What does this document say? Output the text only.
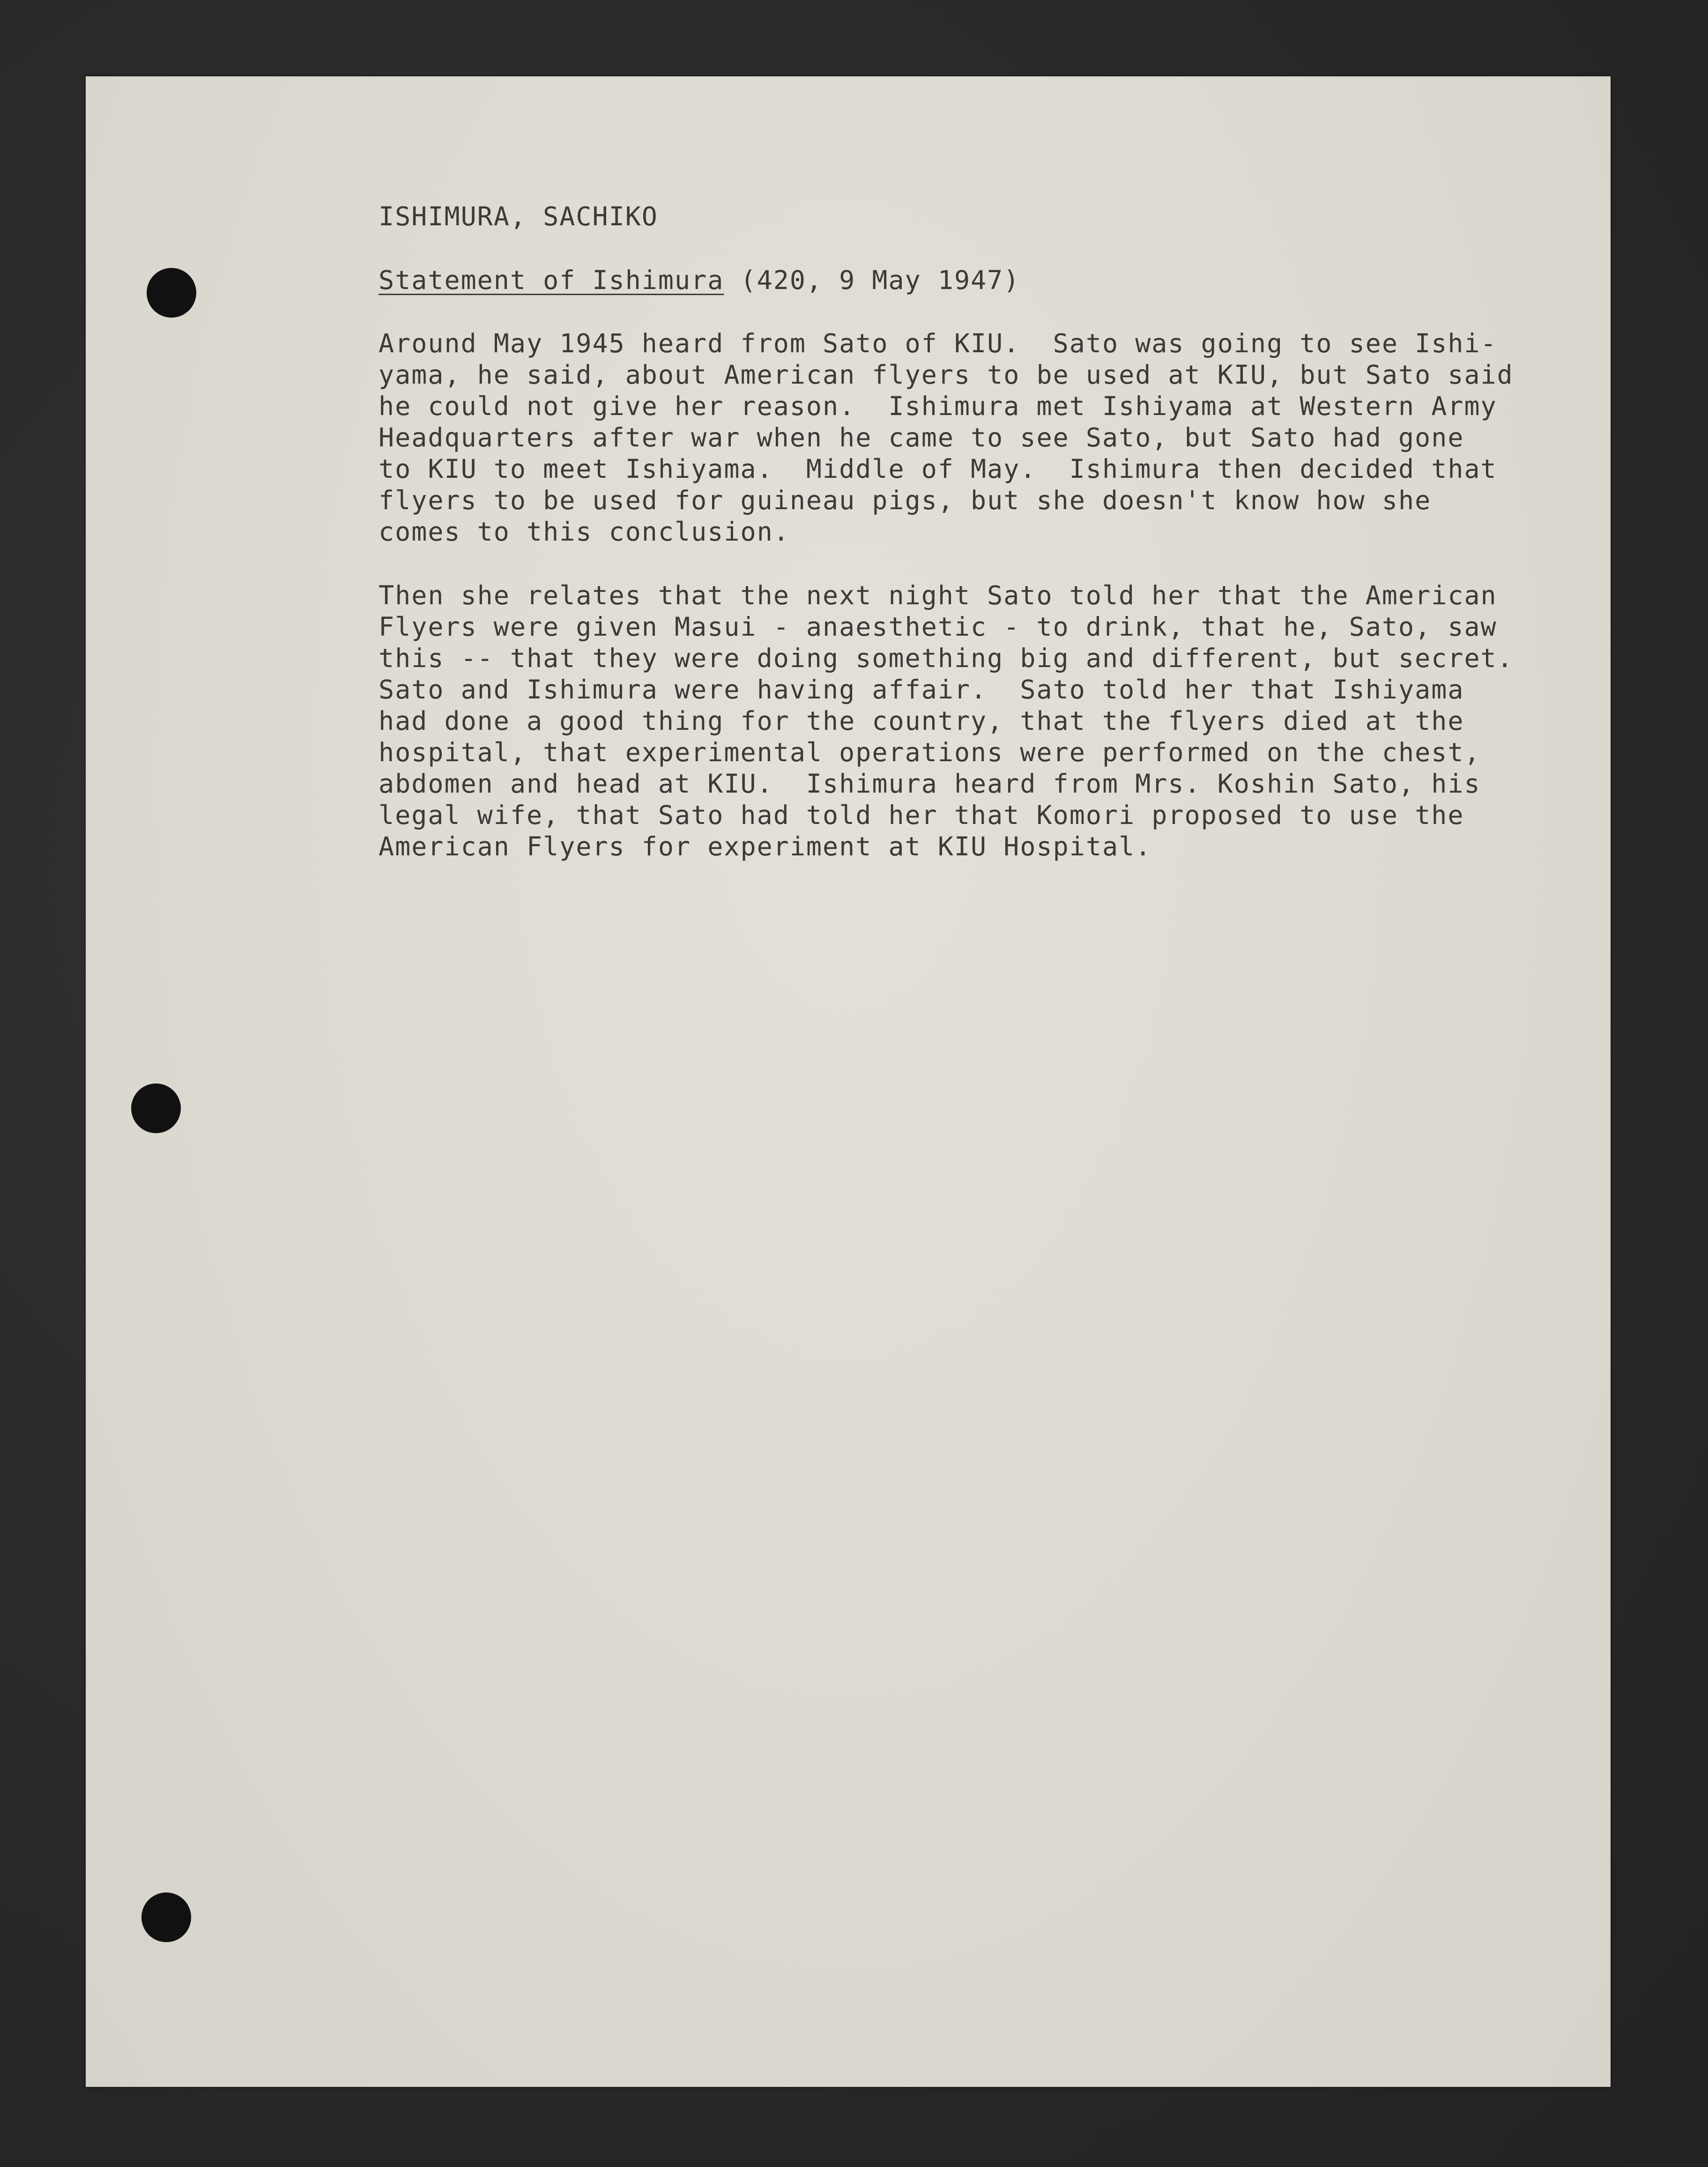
ISHIMURA, SACHIKO
Statement of Ishimura (420, 9 May 1947)
Around May 1945 heard from Sato of KIU.  Sato was going to see Ishi-
yama, he said, about American flyers to be used at KIU, but Sato said
he could not give her reason.  Ishimura met Ishiyama at Western Army
Headquarters after war when he came to see Sato, but Sato had gone
to KIU to meet Ishiyama.  Middle of May.  Ishimura then decided that
flyers to be used for guineau pigs, but she doesn't know how she
comes to this conclusion.
Then she relates that the next night Sato told her that the American
Flyers were given Masui - anaesthetic - to drink, that he, Sato, saw
this -- that they were doing something big and different, but secret.
Sato and Ishimura were having affair.  Sato told her that Ishiyama
had done a good thing for the country, that the flyers died at the
hospital, that experimental operations were performed on the chest,
abdomen and head at KIU.  Ishimura heard from Mrs. Koshin Sato, his
legal wife, that Sato had told her that Komori proposed to use the
American Flyers for experiment at KIU Hospital.
